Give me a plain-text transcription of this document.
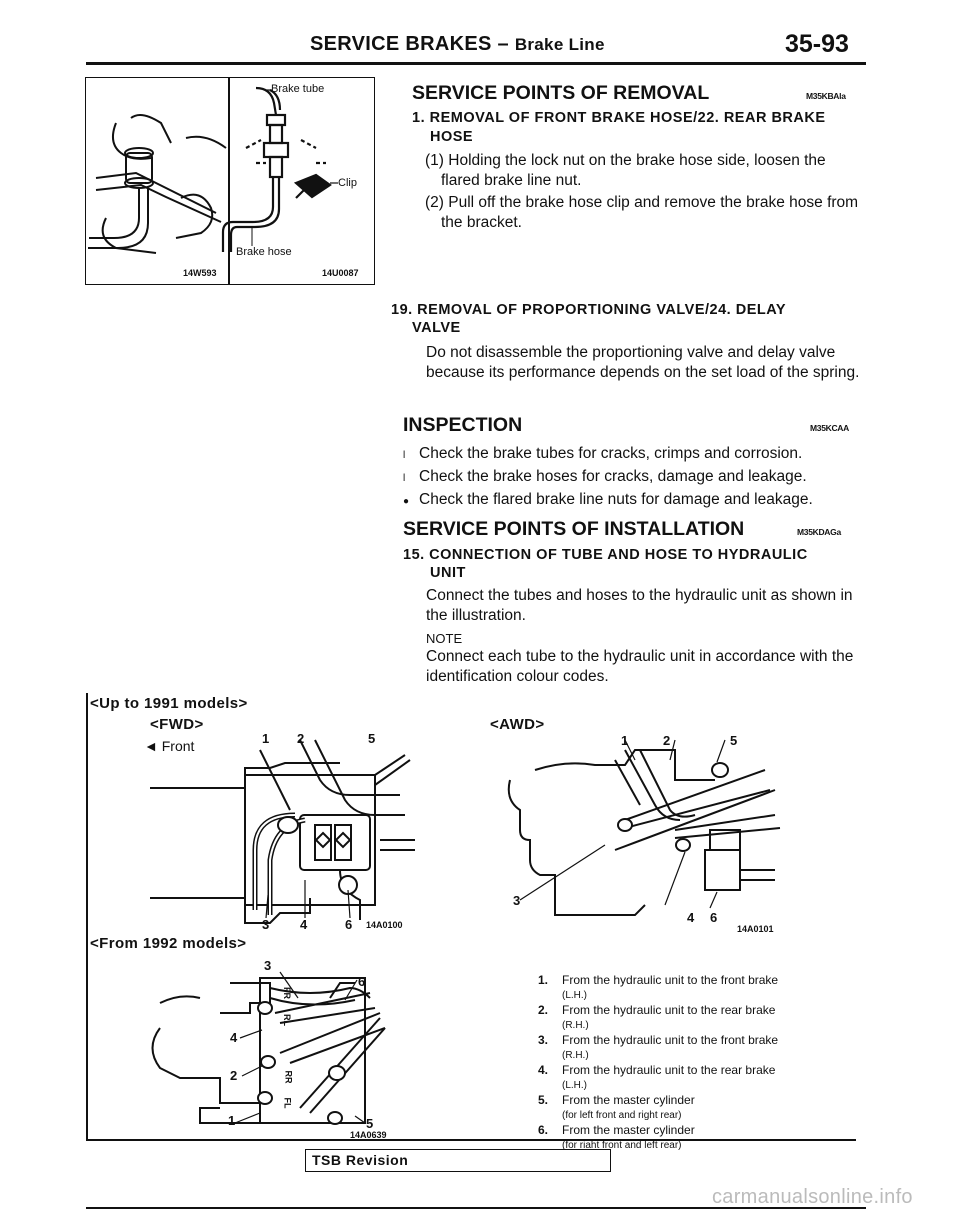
SERVICE BRAKES – Brake Line	35-93
Brake tube
Clip
Brake hose
14W593	14U0087
SERVICE POINTS OF REMOVAL	M35KBAla
1. REMOVAL OF FRONT BRAKE HOSE/22. REAR BRAKE
HOSE
(1) Holding the lock nut on the brake hose side, loosen the flared brake line nut.
(2) Pull off the brake hose clip and remove the brake hose from the bracket.
19. REMOVAL OF PROPORTIONING VALVE/24. DELAY
VALVE
Do not disassemble the proportioning valve and delay valve because its performance depends on the set load of the spring.
INSPECTION	M35KCAA
l Check the brake tubes for cracks, crimps and corrosion.
l Check the brake hoses for cracks, damage and leakage.
● Check the flared brake line nuts for damage and leakage.
SERVICE POINTS OF INSTALLATION	M35KDAGa
15. CONNECTION OF TUBE AND HOSE TO HYDRAULIC
UNIT
Connect the tubes and hoses to the hydraulic unit as shown in the illustration.
NOTE
Connect each tube to the hydraulic unit in accordance with the identification colour codes.
<Up to 1991 models>
<FWD>	<AWD>
◄ Front	1 2	5
3 4	6 14A0100
1	2	5
3
4 6
14A0101
<From 1992 models>
3
6
4
2
1	5
FR
RL
RR
FL
14A0639
1. From the hydraulic unit to the front brake
(L.H.)
2. From the hydraulic unit to the rear brake
(R.H.)
3. From the hydraulic unit to the front brake
(R.H.)
4. From the hydraulic unit to the rear brake
(L.H.)
5. From the master cylinder
(for left front and right rear)
6. From the master cylinder
(for riaht front and left rear)
TSB Revision
carmanualsonline.info
